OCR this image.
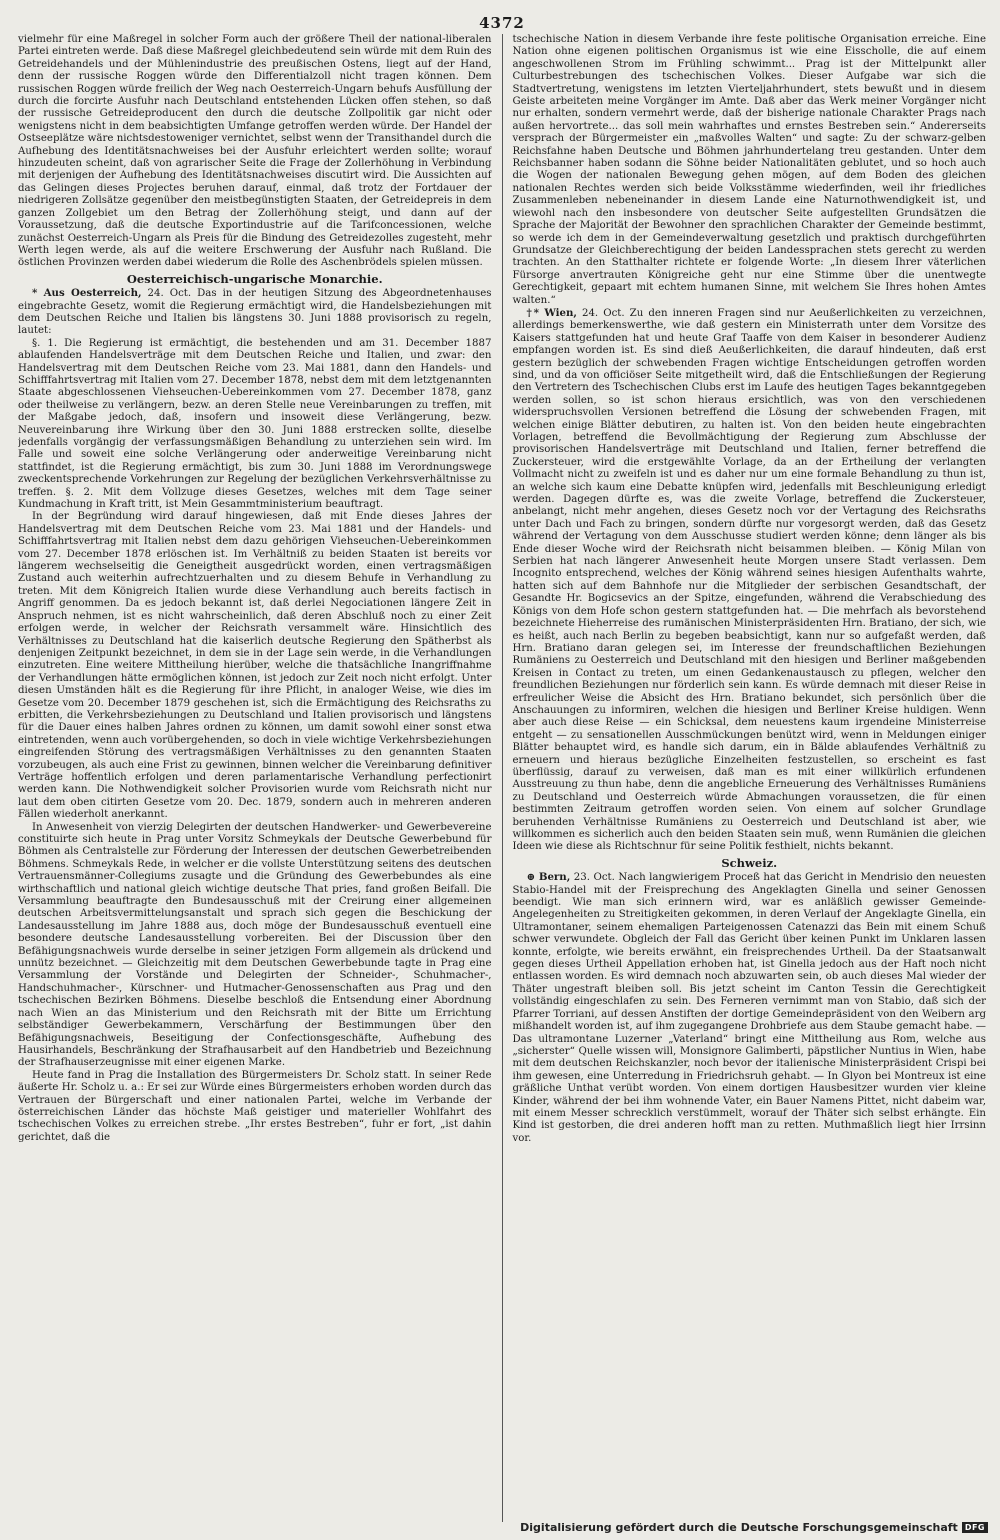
4372

vielmehr für eine Maßregel in solcher Form auch der größere Theil der national-liberalen Partei eintreten werde. Daß diese Maßregel gleichbedeutend sein würde mit dem Ruin des Getreidehandels und der Mühlenindustrie des preußischen Ostens, liegt auf der Hand, denn der russische Roggen würde den Differentialzoll nicht tragen können. Dem russischen Roggen würde freilich der Weg nach Oesterreich-Ungarn behufs Ausfüllung der durch die forcirte Ausfuhr nach Deutschland entstehenden Lücken offen stehen, so daß der russische Getreideproducent den durch die deutsche Zollpolitik gar nicht oder wenigstens nicht in dem beabsichtigten Umfange getroffen werden würde. Der Handel der Ostseeplätze wäre nichtsdestoweniger vernichtet, selbst wenn der Transithandel durch die Aufhebung des Identitätsnachweises bei der Ausfuhr erleichtert werden sollte; worauf hinzudeuten scheint, daß von agrarischer Seite die Frage der Zollerhöhung in Verbindung mit derjenigen der Aufhebung des Identitätsnachweises discutirt wird. Die Aussichten auf das Gelingen dieses Projectes beruhen darauf, einmal, daß trotz der Fortdauer der niedrigeren Zollsätze gegenüber den meistbegünstigten Staaten, der Getreidepreis in dem ganzen Zollgebiet um den Betrag der Zollerhöhung steigt, und dann auf der Voraussetzung, daß die deutsche Exportindustrie auf die Tarifconcessionen, welche zunächst Oesterreich-Ungarn als Preis für die Bindung des Getreidezolles zugesteht, mehr Werth legen werde, als auf die weitere Erschwerung der Ausfuhr nach Rußland. Die östlichen Provinzen werden dabei wiederum die Rolle des Aschenbrödels spielen müssen.

Oesterreichisch-ungarische Monarchie.

* Aus Oesterreich, 24. Oct. Das in der heutigen Sitzung des Abgeordnetenhauses eingebrachte Gesetz, womit die Regierung ermächtigt wird, die Handelsbeziehungen mit dem Deutschen Reiche und Italien bis längstens 30. Juni 1888 provisorisch zu regeln, lautet:

§. 1. Die Regierung ist ermächtigt, die bestehenden und am 31. December 1887 ablaufenden Handelsverträge mit dem Deutschen Reiche und Italien, und zwar: den Handelsvertrag mit dem Deutschen Reiche vom 23. Mai 1881, dann den Handels- und Schifffahrtsvertrag mit Italien vom 27. December 1878, nebst dem mit dem letztgenannten Staate abgeschlossenen Viehseuchen-Uebereinkommen vom 27. December 1878, ganz oder theilweise zu verlängern, bezw. an deren Stelle neue Vereinbarungen zu treffen, mit der Maßgabe jedoch, daß, insofern und insoweit diese Verlängerung, bezw. Neuvereinbarung ihre Wirkung über den 30. Juni 1888 erstrecken sollte, dieselbe jedenfalls vorgängig der verfassungsmäßigen Behandlung zu unterziehen sein wird. Im Falle und soweit eine solche Verlängerung oder anderweitige Vereinbarung nicht stattfindet, ist die Regierung ermächtigt, bis zum 30. Juni 1888 im Verordnungswege zweckentsprechende Vorkehrungen zur Regelung der bezüglichen Verkehrsverhältnisse zu treffen. §. 2. Mit dem Vollzuge dieses Gesetzes, welches mit dem Tage seiner Kundmachung in Kraft tritt, ist Mein Gesammtministerium beauftragt.

In der Begründung wird darauf hingewiesen, daß mit Ende dieses Jahres der Handelsvertrag mit dem Deutschen Reiche vom 23. Mai 1881 und der Handels- und Schifffahrtsvertrag mit Italien nebst dem dazu gehörigen Viehseuchen-Uebereinkommen vom 27. December 1878 erlöschen ist. Im Verhältniß zu beiden Staaten ist bereits vor längerem wechselseitig die Geneigtheit ausgedrückt worden, einen vertragsmäßigen Zustand auch weiterhin aufrechtzuerhalten und zu diesem Behufe in Verhandlung zu treten. Mit dem Königreich Italien wurde diese Verhandlung auch bereits factisch in Angriff genommen. Da es jedoch bekannt ist, daß derlei Negociationen längere Zeit in Anspruch nehmen, ist es nicht wahrscheinlich, daß deren Abschluß noch zu einer Zeit erfolgen werde, in welcher der Reichsrath versammelt wäre. Hinsichtlich des Verhältnisses zu Deutschland hat die kaiserlich deutsche Regierung den Spätherbst als denjenigen Zeitpunkt bezeichnet, in dem sie in der Lage sein werde, in die Verhandlungen einzutreten. Eine weitere Mittheilung hierüber, welche die thatsächliche Inangriffnahme der Verhandlungen hätte ermöglichen können, ist jedoch zur Zeit noch nicht erfolgt. Unter diesen Umständen hält es die Regierung für ihre Pflicht, in analoger Weise, wie dies im Gesetze vom 20. December 1879 geschehen ist, sich die Ermächtigung des Reichsraths zu erbitten, die Verkehrsbeziehungen zu Deutschland und Italien provisorisch und längstens für die Dauer eines halben Jahres ordnen zu können, um damit sowohl einer sonst etwa eintretenden, wenn auch vorübergehenden, so doch in viele wichtige Verkehrsbeziehungen eingreifenden Störung des vertragsmäßigen Verhältnisses zu den genannten Staaten vorzubeugen, als auch eine Frist zu gewinnen, binnen welcher die Vereinbarung definitiver Verträge hoffentlich erfolgen und deren parlamentarische Verhandlung perfectionirt werden kann. Die Nothwendigkeit solcher Provisorien wurde vom Reichsrath nicht nur laut dem oben citirten Gesetze vom 20. Dec. 1879, sondern auch in mehreren anderen Fällen wiederholt anerkannt.

In Anwesenheit von vierzig Delegirten der deutschen Handwerker- und Gewerbevereine constituirte sich heute in Prag unter Vorsitz Schmeykals der Deutsche Gewerbebund für Böhmen als Centralstelle zur Förderung der Interessen der deutschen Gewerbetreibenden Böhmens. Schmeykals Rede, in welcher er die vollste Unterstützung seitens des deutschen Vertrauensmänner-Collegiums zusagte und die Gründung des Gewerbebundes als eine wirthschaftlich und national gleich wichtige deutsche That pries, fand großen Beifall. Die Versammlung beauftragte den Bundesausschuß mit der Creirung einer allgemeinen deutschen Arbeitsvermittelungsanstalt und sprach sich gegen die Beschickung der Landesausstellung im Jahre 1888 aus, doch möge der Bundesausschuß eventuell eine besondere deutsche Landesausstellung vorbereiten. Bei der Discussion über den Befähigungsnachweis wurde derselbe in seiner jetzigen Form allgemein als drückend und unnütz bezeichnet. — Gleichzeitig mit dem Deutschen Gewerbebunde tagte in Prag eine Versammlung der Vorstände und Delegirten der Schneider-, Schuhmacher-, Handschuhmacher-, Kürschner- und Hutmacher-Genossenschaften aus Prag und den tschechischen Bezirken Böhmens. Dieselbe beschloß die Entsendung einer Abordnung nach Wien an das Ministerium und den Reichsrath mit der Bitte um Errichtung selbständiger Gewerbekammern, Verschärfung der Bestimmungen über den Befähigungsnachweis, Beseitigung der Confectionsgeschäfte, Aufhebung des Hausirhandels, Beschränkung der Strafhausarbeit auf den Handbetrieb und Bezeichnung der Strafhauserzeugnisse mit einer eigenen Marke.

Heute fand in Prag die Installation des Bürgermeisters Dr. Scholz statt. In seiner Rede äußerte Hr. Scholz u. a.: Er sei zur Würde eines Bürgermeisters erhoben worden durch das Vertrauen der Bürgerschaft und einer nationalen Partei, welche im Verbande der österreichischen Länder das höchste Maß geistiger und materieller Wohlfahrt des tschechischen Volkes zu erreichen strebe. „Ihr erstes Bestreben“, fuhr er fort, „ist dahin gerichtet, daß die

tschechische Nation in diesem Verbande ihre feste politische Organisation erreiche. Eine Nation ohne eigenen politischen Organismus ist wie eine Eisscholle, die auf einem angeschwollenen Strom im Frühling schwimmt... Prag ist der Mittelpunkt aller Culturbestrebungen des tschechischen Volkes. Dieser Aufgabe war sich die Stadtvertretung, wenigstens im letzten Vierteljahrhundert, stets bewußt und in diesem Geiste arbeiteten meine Vorgänger im Amte. Daß aber das Werk meiner Vorgänger nicht nur erhalten, sondern vermehrt werde, daß der bisherige nationale Charakter Prags nach außen hervortrete... das soll mein wahrhaftes und ernstes Bestreben sein.“ Andererseits versprach der Bürgermeister ein „maßvolles Walten“ und sagte: Zu der schwarz-gelben Reichsfahne haben Deutsche und Böhmen jahrhundertelang treu gestanden. Unter dem Reichsbanner haben sodann die Söhne beider Nationalitäten geblutet, und so hoch auch die Wogen der nationalen Bewegung gehen mögen, auf dem Boden des gleichen nationalen Rechtes werden sich beide Volksstämme wiederfinden, weil ihr friedliches Zusammenleben nebeneinander in diesem Lande eine Naturnothwendigkeit ist, und wiewohl nach den insbesondere von deutscher Seite aufgestellten Grundsätzen die Sprache der Majorität der Bewohner den sprachlichen Charakter der Gemeinde bestimmt, so werde ich dem in der Gemeindeverwaltung gesetzlich und praktisch durchgeführten Grundsatze der Gleichberechtigung der beiden Landessprachen stets gerecht zu werden trachten. An den Statthalter richtete er folgende Worte: „In diesem Ihrer väterlichen Fürsorge anvertrauten Königreiche geht nur eine Stimme über die unentwegte Gerechtigkeit, gepaart mit echtem humanen Sinne, mit welchem Sie Ihres hohen Amtes walten.“

†* Wien, 24. Oct. Zu den inneren Fragen sind nur Aeußerlichkeiten zu verzeichnen, allerdings bemerkenswerthe, wie daß gestern ein Ministerrath unter dem Vorsitze des Kaisers stattgefunden hat und heute Graf Taaffe von dem Kaiser in besonderer Audienz empfangen worden ist. Es sind dieß Aeußerlichkeiten, die darauf hindeuten, daß erst gestern bezüglich der schwebenden Fragen wichtige Entscheidungen getroffen worden sind, und da von officiöser Seite mitgetheilt wird, daß die Entschließungen der Regierung den Vertretern des Tschechischen Clubs erst im Laufe des heutigen Tages bekanntgegeben werden sollen, so ist schon hieraus ersichtlich, was von den verschiedenen widerspruchsvollen Versionen betreffend die Lösung der schwebenden Fragen, mit welchen einige Blätter debutiren, zu halten ist. Von den beiden heute eingebrachten Vorlagen, betreffend die Bevollmächtigung der Regierung zum Abschlusse der provisorischen Handelsverträge mit Deutschland und Italien, ferner betreffend die Zuckersteuer, wird die erstgewählte Vorlage, da an der Ertheilung der verlangten Vollmacht nicht zu zweifeln ist und es daher nur um eine formale Behandlung zu thun ist, an welche sich kaum eine Debatte knüpfen wird, jedenfalls mit Beschleunigung erledigt werden. Dagegen dürfte es, was die zweite Vorlage, betreffend die Zuckersteuer, anbelangt, nicht mehr angehen, dieses Gesetz noch vor der Vertagung des Reichsraths unter Dach und Fach zu bringen, sondern dürfte nur vorgesorgt werden, daß das Gesetz während der Vertagung von dem Ausschusse studiert werden könne; denn länger als bis Ende dieser Woche wird der Reichsrath nicht beisammen bleiben. — König Milan von Serbien hat nach längerer Anwesenheit heute Morgen unsere Stadt verlassen. Dem Incognito entsprechend, welches der König während seines hiesigen Aufenthalts wahrte, hatten sich auf dem Bahnhofe nur die Mitglieder der serbischen Gesandtschaft, der Gesandte Hr. Bogicsevics an der Spitze, eingefunden, während die Verabschiedung des Königs von dem Hofe schon gestern stattgefunden hat. — Die mehrfach als bevorstehend bezeichnete Hieherreise des rumänischen Ministerpräsidenten Hrn. Bratiano, der sich, wie es heißt, auch nach Berlin zu begeben beabsichtigt, kann nur so aufgefaßt werden, daß Hrn. Bratiano daran gelegen sei, im Interesse der freundschaftlichen Beziehungen Rumäniens zu Oesterreich und Deutschland mit den hiesigen und Berliner maßgebenden Kreisen in Contact zu treten, um einen Gedankenaustausch zu pflegen, welcher den freundlichen Beziehungen nur förderlich sein kann. Es würde demnach mit dieser Reise in erfreulicher Weise die Absicht des Hrn. Bratiano bekundet, sich persönlich über die Anschauungen zu informiren, welchen die hiesigen und Berliner Kreise huldigen. Wenn aber auch diese Reise — ein Schicksal, dem neuestens kaum irgendeine Ministerreise entgeht — zu sensationellen Ausschmückungen benützt wird, wenn in Meldungen einiger Blätter behauptet wird, es handle sich darum, ein in Bälde ablaufendes Verhältniß zu erneuern und hieraus bezügliche Einzelheiten festzustellen, so erscheint es fast überflüssig, darauf zu verweisen, daß man es mit einer willkürlich erfundenen Ausstreuung zu thun habe, denn die angebliche Erneuerung des Verhältnisses Rumäniens zu Deutschland und Oesterreich würde Abmachungen voraussetzen, die für einen bestimmten Zeitraum getroffen worden seien. Von einem auf solcher Grundlage beruhenden Verhältnisse Rumäniens zu Oesterreich und Deutschland ist aber, wie willkommen es sicherlich auch den beiden Staaten sein muß, wenn Rumänien die gleichen Ideen wie diese als Richtschnur für seine Politik festhielt, nichts bekannt.

Schweiz.

⊕ Bern, 23. Oct. Nach langwierigem Proceß hat das Gericht in Mendrisio den neuesten Stabio-Handel mit der Freisprechung des Angeklagten Ginella und seiner Genossen beendigt. Wie man sich erinnern wird, war es anläßlich gewisser Gemeinde-Angelegenheiten zu Streitigkeiten gekommen, in deren Verlauf der Angeklagte Ginella, ein Ultramontaner, seinem ehemaligen Parteigenossen Catenazzi das Bein mit einem Schuß schwer verwundete. Obgleich der Fall das Gericht über keinen Punkt im Unklaren lassen konnte, erfolgte, wie bereits erwähnt, ein freisprechendes Urtheil. Da der Staatsanwalt gegen dieses Urtheil Appellation erhoben hat, ist Ginella jedoch aus der Haft noch nicht entlassen worden. Es wird demnach noch abzuwarten sein, ob auch dieses Mal wieder der Thäter ungestraft bleiben soll. Bis jetzt scheint im Canton Tessin die Gerechtigkeit vollständig eingeschlafen zu sein. Des Ferneren vernimmt man von Stabio, daß sich der Pfarrer Torriani, auf dessen Anstiften der dortige Gemeindepräsident von den Weibern arg mißhandelt worden ist, auf ihm zugegangene Drohbriefe aus dem Staube gemacht habe. — Das ultramontane Luzerner „Vaterland“ bringt eine Mittheilung aus Rom, welche aus „sicherster“ Quelle wissen will, Monsignore Galimberti, päpstlicher Nuntius in Wien, habe mit dem deutschen Reichskanzler, noch bevor der italienische Ministerpräsident Crispi bei ihm gewesen, eine Unterredung in Friedrichsruh gehabt. — In Glyon bei Montreux ist eine gräßliche Unthat verübt worden. Von einem dortigen Hausbesitzer wurden vier kleine Kinder, während der bei ihm wohnende Vater, ein Bauer Namens Pittet, nicht dabeim war, mit einem Messer schrecklich verstümmelt, worauf der Thäter sich selbst erhängte. Ein Kind ist gestorben, die drei anderen hofft man zu retten. Muthmaßlich liegt hier Irrsinn vor.

Digitalisierung gefördert durch die Deutsche Forschungsgemeinschaft DFG
